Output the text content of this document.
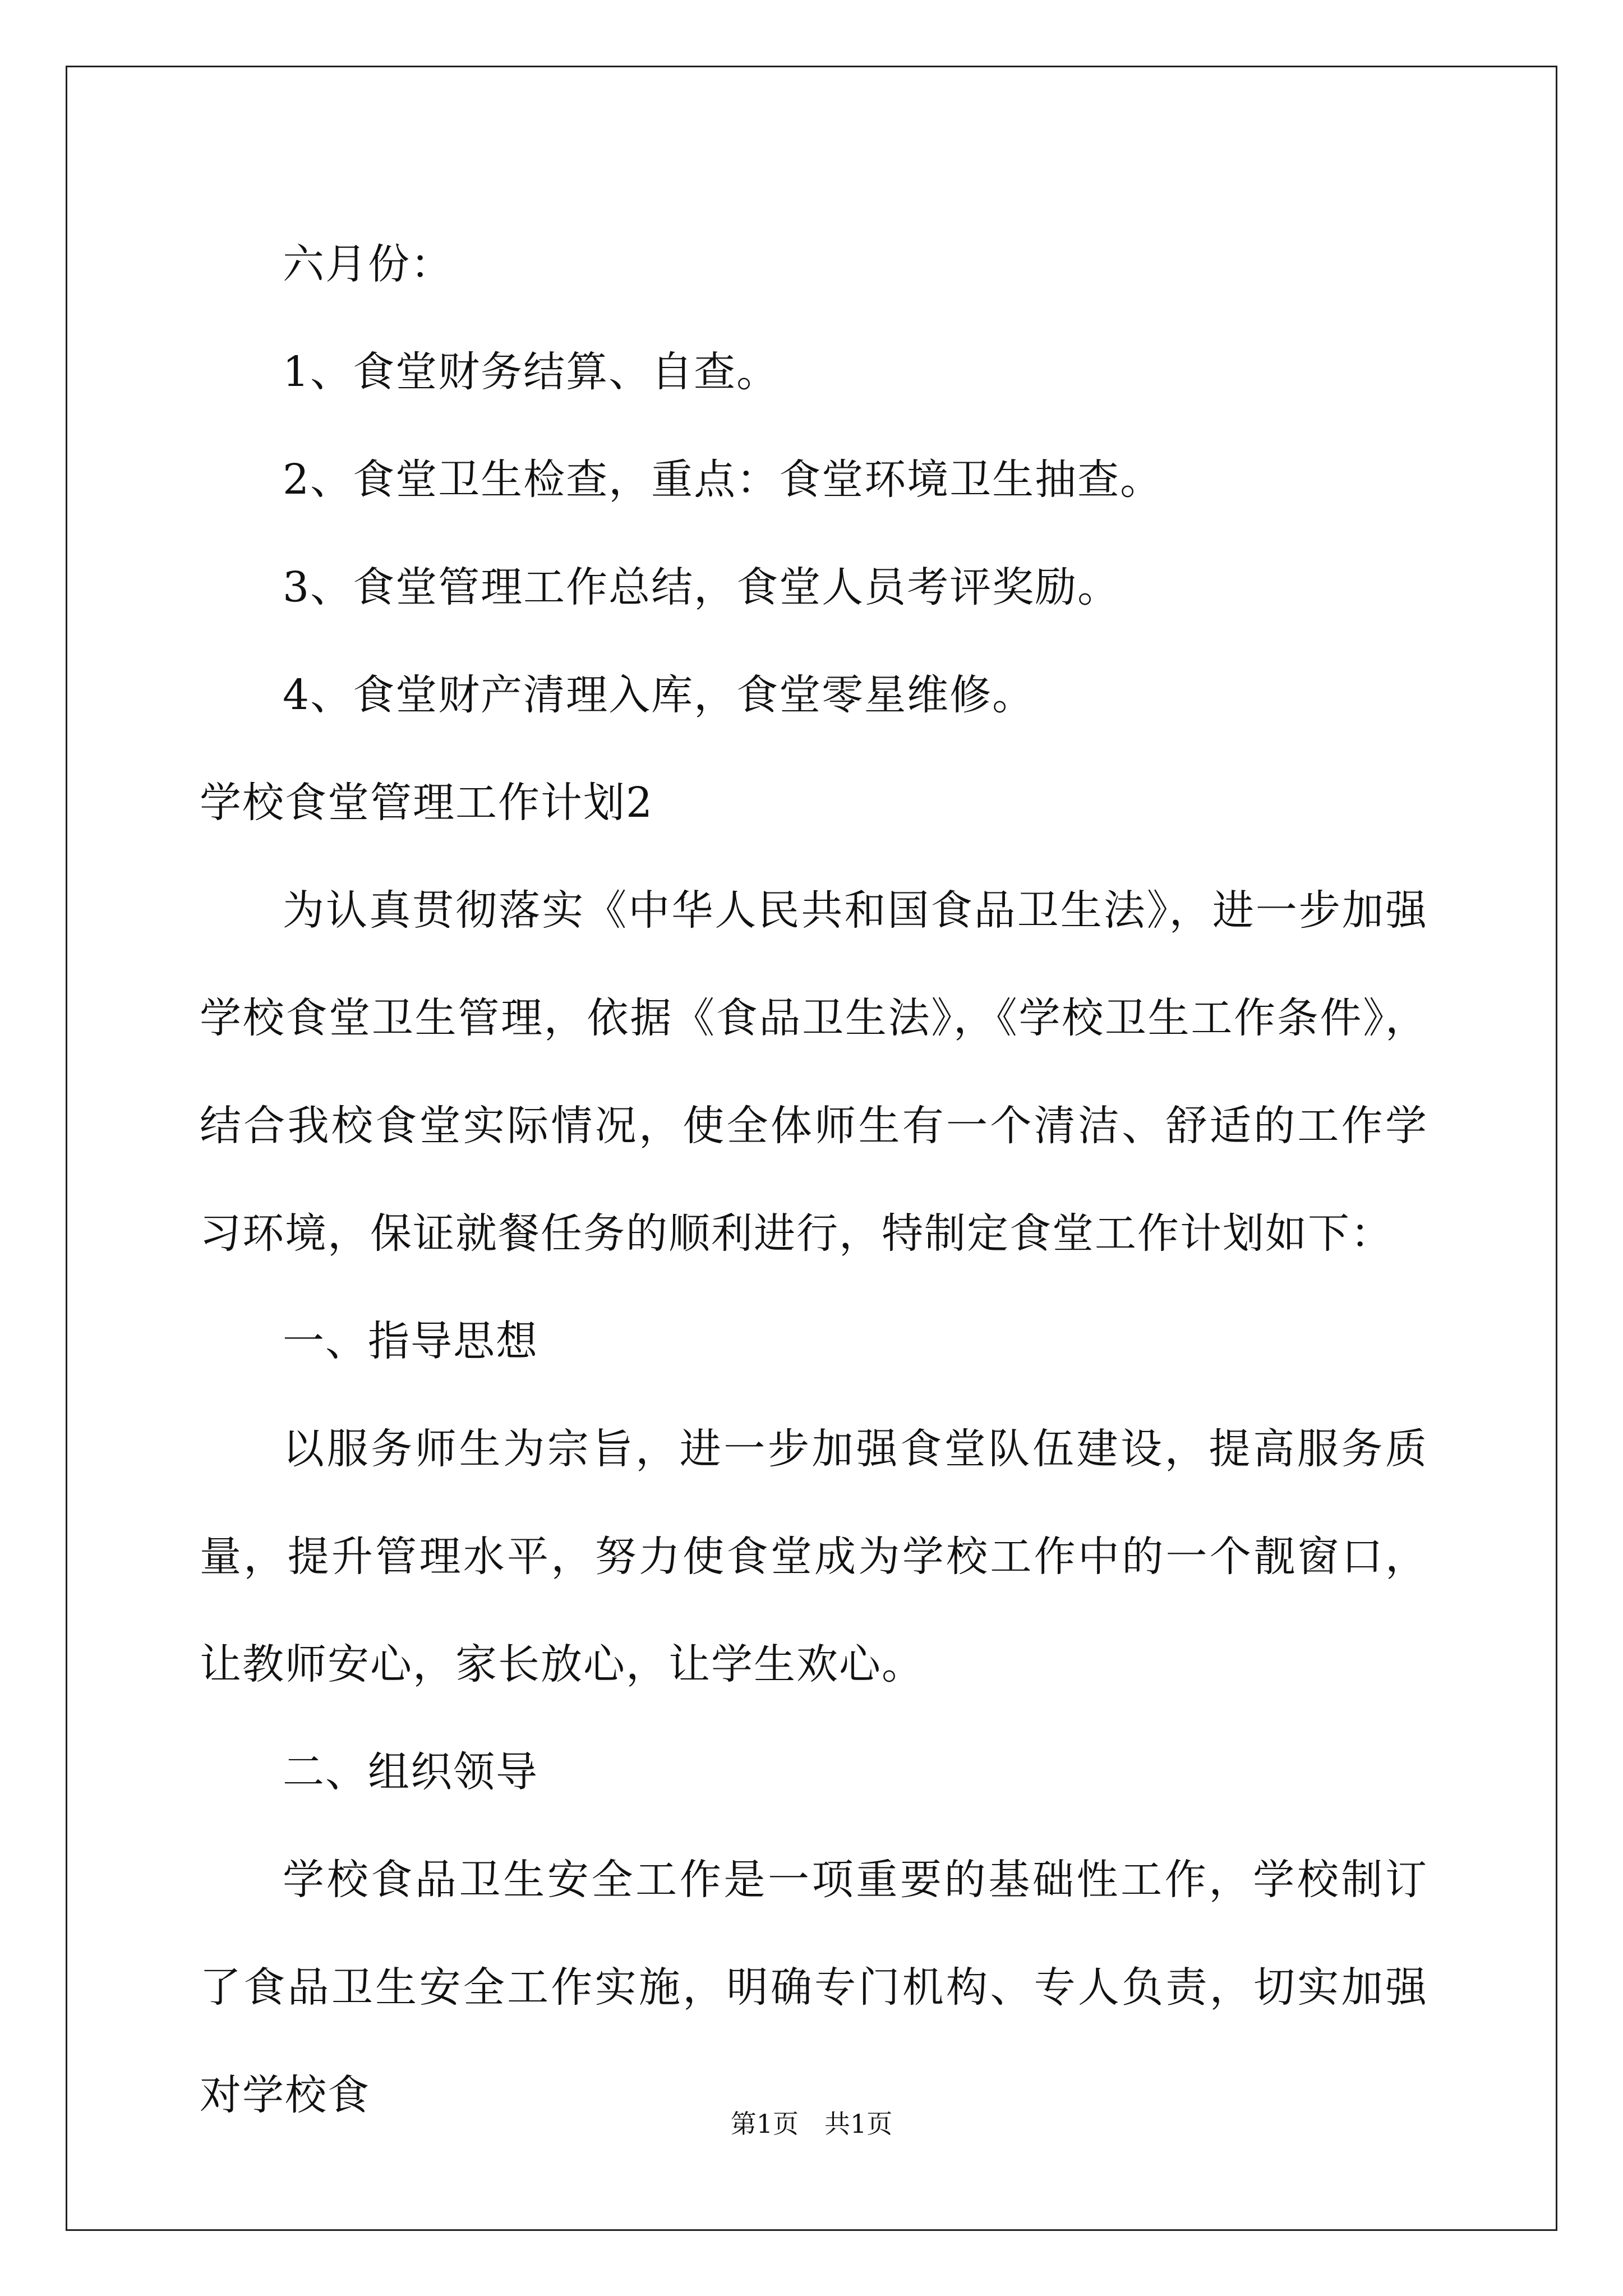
六月份：

1、食堂财务结算、自查。

2、食堂卫生检查，重点：食堂环境卫生抽查。

3、食堂管理工作总结，食堂人员考评奖励。

4、食堂财产清理入库，食堂零星维修。

学校食堂管理工作计划2

为认真贯彻落实《中华人民共和国食品卫生法》，进一步加强学校食堂卫生管理，依据《食品卫生法》，《学校卫生工作条件》，结合我校食堂实际情况，使全体师生有一个清洁、舒适的工作学习环境，保证就餐任务的顺利进行，特制定食堂工作计划如下：

一、指导思想

以服务师生为宗旨，进一步加强食堂队伍建设，提高服务质量，提升管理水平，努力使食堂成为学校工作中的一个靓窗口，让教师安心，家长放心，让学生欢心。

二、组织领导

学校食品卫生安全工作是一项重要的基础性工作，学校制订了食品卫生安全工作实施，明确专门机构、专人负责，切实加强对学校食

第1页　共1页
